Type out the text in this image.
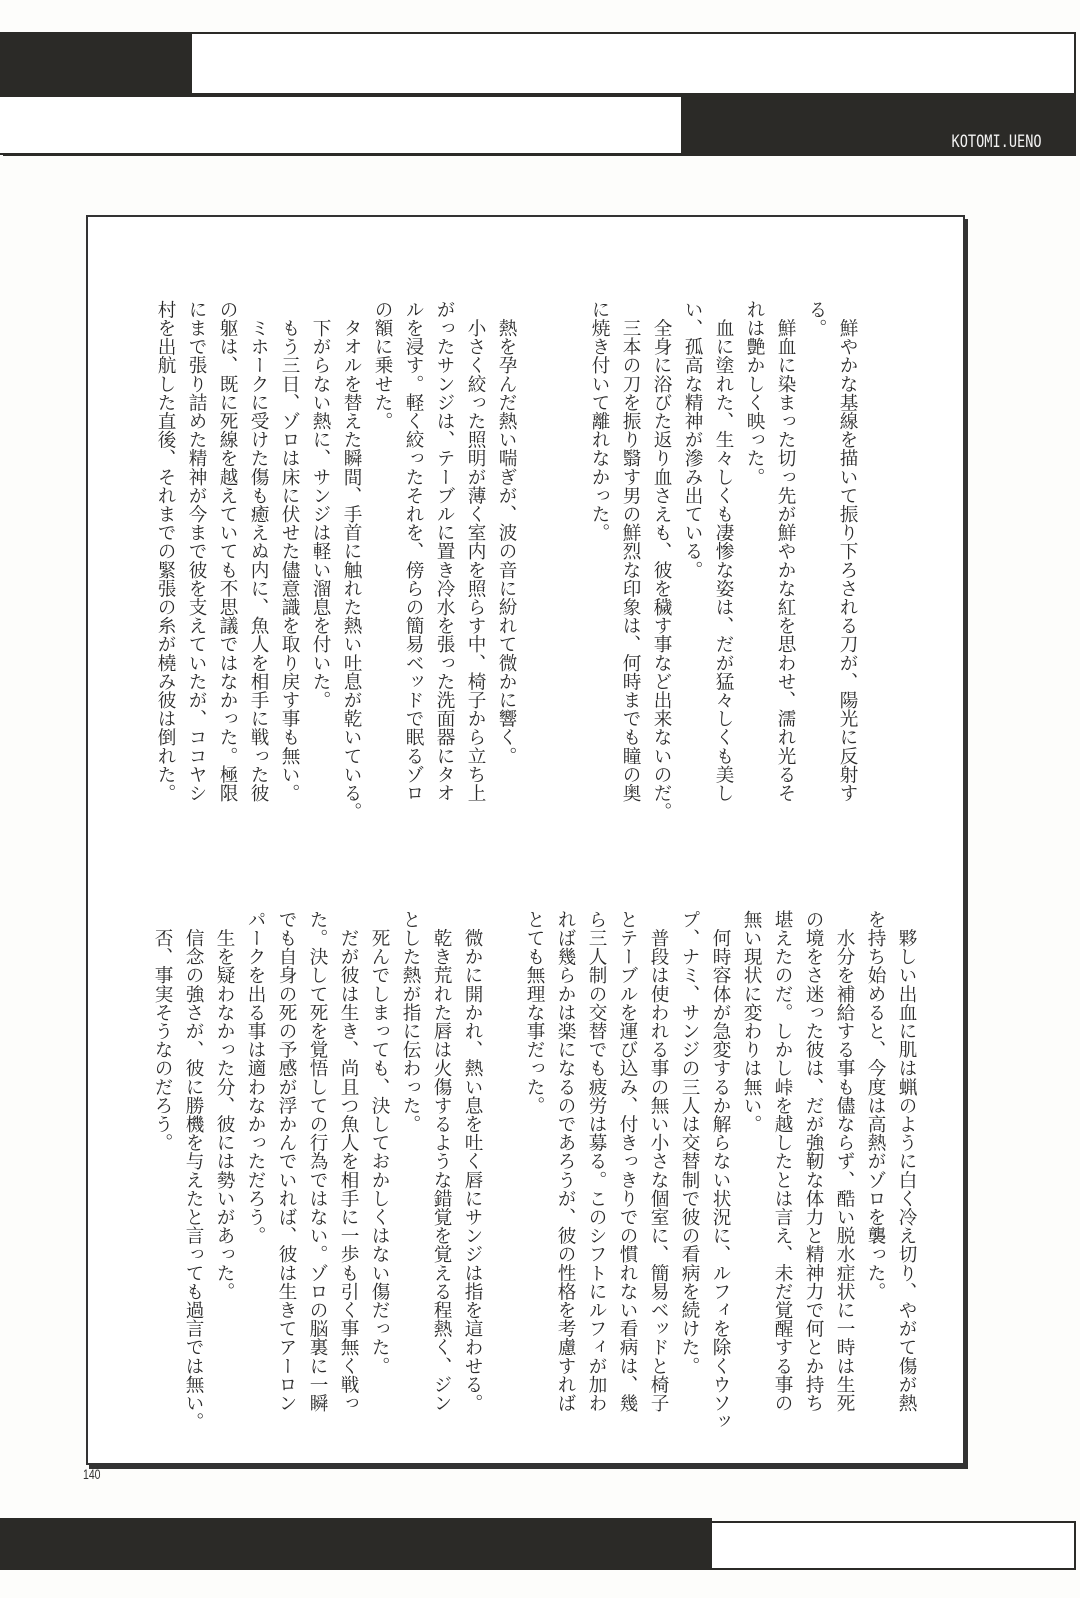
KOTOMI.UENO
　鮮やかな基線を描いて振り下ろされる刀が、陽光に反射す
る。
　鮮血に染まった切っ先が鮮やかな紅を思わせ、濡れ光るそ
れは艶かしく映った。
　血に塗れた、生々しくも凄惨な姿は、だが猛々しくも美し
い、孤高な精神が滲み出ている。
　全身に浴びた返り血さえも、彼を穢す事など出来ないのだ。
　三本の刀を振り翳す男の鮮烈な印象は、何時までも瞳の奥
に焼き付いて離れなかった。
　熱を孕んだ熱い喘ぎが、波の音に紛れて微かに響く。
　小さく絞った照明が薄く室内を照らす中、椅子から立ち上
がったサンジは、テーブルに置き冷水を張った洗面器にタオ
ルを浸す。軽く絞ったそれを、傍らの簡易ベッドで眠るゾロ
の額に乗せた。
　タオルを替えた瞬間、手首に触れた熱い吐息が乾いている。
　下がらない熱に、サンジは軽い溜息を付いた。
　もう三日、ゾロは床に伏せた儘意識を取り戻す事も無い。
　ミホークに受けた傷も癒えぬ内に、魚人を相手に戦った彼
の躯は、既に死線を越えていても不思議ではなかった。極限
にまで張り詰めた精神が今まで彼を支えていたが、ココヤシ
村を出航した直後、それまでの緊張の糸が橈み彼は倒れた。
　夥しい出血に肌は蝋のように白く冷え切り、やがて傷が熱
を持ち始めると、今度は高熱がゾロを襲った。
　水分を補給する事も儘ならず、酷い脱水症状に一時は生死
の境をさ迷った彼は、だが強靭な体力と精神力で何とか持ち
堪えたのだ。しかし峠を越したとは言え、未だ覚醒する事の
無い現状に変わりは無い。
　何時容体が急変するか解らない状況に、ルフィを除くウソッ
プ、ナミ、サンジの三人は交替制で彼の看病を続けた。
　普段は使われる事の無い小さな個室に、簡易ベッドと椅子
とテーブルを運び込み、付きっきりでの慣れない看病は、幾
ら三人制の交替でも疲労は募る。このシフトにルフィが加わ
れば幾らかは楽になるのであろうが、彼の性格を考慮すれば
とても無理な事だった。
　微かに開かれ、熱い息を吐く唇にサンジは指を這わせる。
　乾き荒れた唇は火傷するような錯覚を覚える程熱く、ジン
とした熱が指に伝わった。
　死んでしまっても、決しておかしくはない傷だった。
　だが彼は生き、尚且つ魚人を相手に一歩も引く事無く戦っ
た。決して死を覚悟しての行為ではない。ゾロの脳裏に一瞬
でも自身の死の予感が浮かんでいれば、彼は生きてアーロン
パークを出る事は適わなかっただろう。
　生を疑わなかった分、彼には勢いがあった。
　信念の強さが、彼に勝機を与えたと言っても過言では無い。
　否、事実そうなのだろう。
140
